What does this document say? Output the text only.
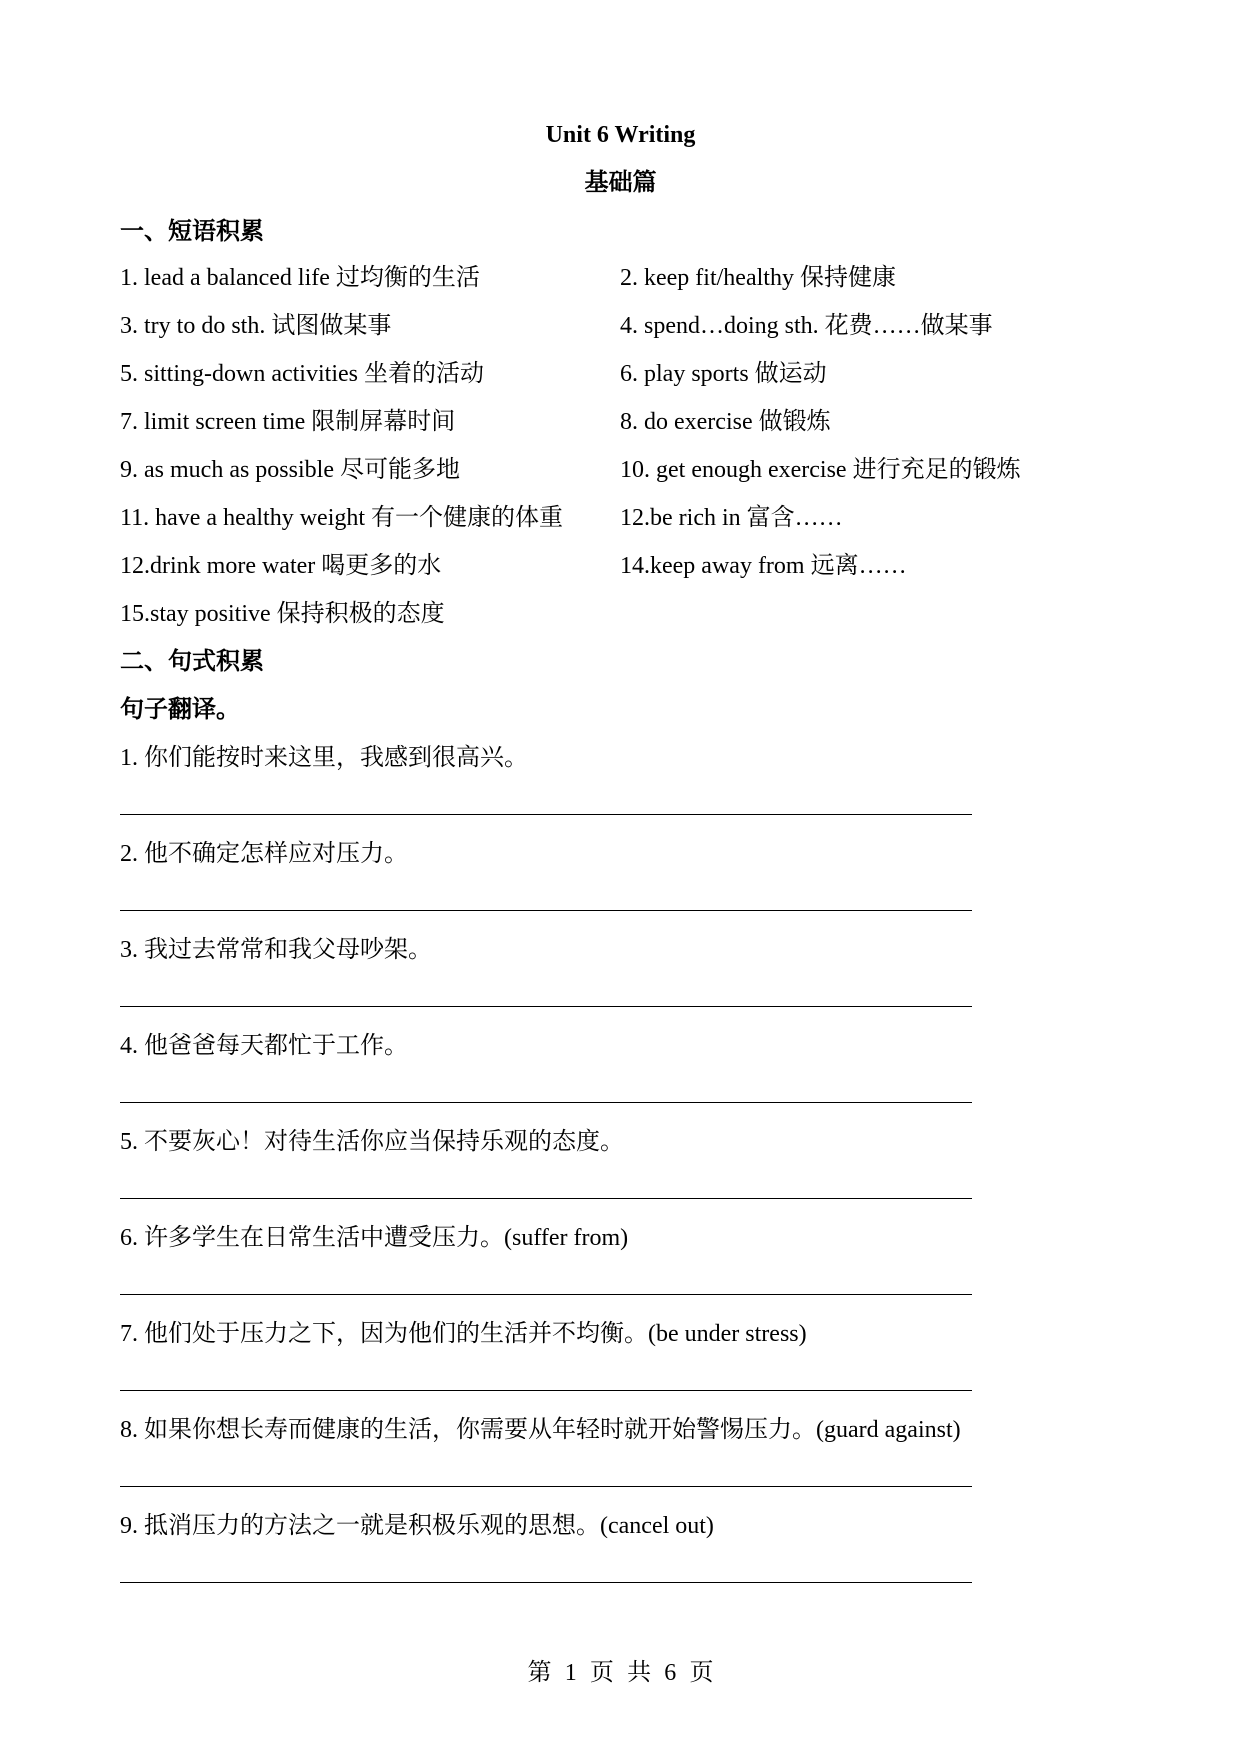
Unit 6 Writing
基础篇
一、短语积累
1. lead a balanced life 过均衡的生活	2. keep fit/healthy 保持健康
3. try to do sth. 试图做某事	4. spend…doing sth. 花费……做某事
5. sitting-down activities 坐着的活动	6. play sports 做运动
7. limit screen time 限制屏幕时间	8. do exercise 做锻炼
9. as much as possible 尽可能多地	10. get enough exercise 进行充足的锻炼
11. have a healthy weight 有一个健康的体重 12.be rich in 富含……
12.drink more water 喝更多的水	14.keep away from 远离……
15.stay positive 保持积极的态度
二、句式积累
句子翻译。
1. 你们能按时来这里，我感到很高兴。
2. 他不确定怎样应对压力。
3. 我过去常常和我父母吵架。
4. 他爸爸每天都忙于工作。
5. 不要灰心！对待生活你应当保持乐观的态度。
6. 许多学生在日常生活中遭受压力。(suffer from)
7. 他们处于压力之下，因为他们的生活并不均衡。(be under stress)
8. 如果你想长寿而健康的生活，你需要从年轻时就开始警惕压力。(guard against)
9. 抵消压力的方法之一就是积极乐观的思想。(cancel out)
第 1 页 共 6 页
